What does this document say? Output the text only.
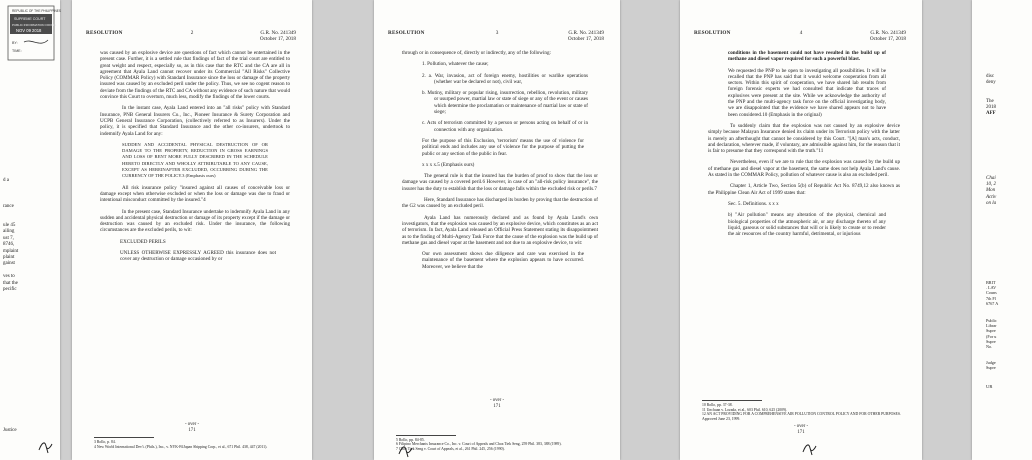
REPUBLIC OF THE PHILIPPINES
SUPREME COURT
PUBLIC INFORMATION OFFICE
NOV 09 2018
BY:
TIME:

d a

rance

ule 45
ailing
ust 7,
8746,
mplaint
plaint
gainst

ves to
that the
pecific

Justice
RESOLUTION	2	G.R. No. 241349
October 17, 2018

was caused by an explosive device are questions of fact which cannot be entertained in the present case. Further, it is a settled rule that findings of fact of the trial court are entitled to great weight and respect, especially so, as in this case that the RTC and the CA are all in agreement that Ayala Land cannot recover under its Commercial "All Risks" Collective Policy (COMMAR Policy) with Standard Insurance since the loss or damage of the property insured was caused by an excluded peril under the policy. Thus, we see no cogent reason to deviate from the findings of the RTC and CA without any evidence of such nature that would convince this Court to overturn, much less, modify the findings of the lower courts.

In the instant case, Ayala Land entered into an "all risks" policy with Standard Insurance, PNB General Insurers Co., Inc., Pioneer Insurance & Surety Corporation and UCPB General Insurance Corporation, (collectively referred to as Insurers). Under the policy, it is specified that Standard Insurance and the other co-insurers, undertook to indemnify Ayala Land for any:

SUDDEN AND ACCIDENTAL PHYSICAL DESTRUCTION OF OR DAMAGE TO THE PROPERTY, REDUCTION IN GROSS EARNINGS AND LOSS OF RENT MORE FULLY DESCRIBED IN THE SCHEDULE HERETO DIRECTLY AND WHOLLY ATTRIBUTABLE TO ANY CAUSE, EXCEPT AS HEREINAFTER EXCLUDED, OCCURRING DURING THE CURRENCY OF THE POLICY.3 (Emphasis ours)

All risk insurance policy "insured against all causes of conceivable loss or damage except when otherwise excluded or when the loss or damage was due to fraud or intentional misconduct committed by the insured."4

In the present case, Standard Insurance undertake to indemnify Ayala Land in any sudden and accidental physical destruction or damage of its property except if the damage or destruction was caused by an excluded risk. Under the insurance, the following circumstances are the excluded perils, to wit:

EXCLUDED PERILS

UNLESS OTHERWISE EXPRESSLY AGREED this insurance does not cover any destruction or damage occasioned by or

3 Rollo, p. 84.
4 New World International Dev't. (Phils.), Inc., v. NYK-FilJapan Shipping Corp., et al., 671 Phil. 438, 447 (2011).
- over -
171
RESOLUTION	3	G.R. No. 241349
October 17, 2018

through or in consequence of, directly or indirectly, any of the following:

1. Pollution, whatever the cause;

2. a. War, invasion, act of foreign enemy, hostilities or warlike operations (whether war be declared or not), civil war,

b. Mutiny, military or popular rising, insurrection, rebellion, revolution, military or usurped power, martial law or state of siege or any of the event or causes which determine the proclamation or maintenance of martial law or state of siege;

c. Acts of terrorism committed by a person or persons acting on behalf of or in connection with any organization.

For the purpose of this Exclusion, 'terrorism' means the use of violence for political ends and includes any use of violence for the purpose of putting the public or any section of the public in fear.

x x x x.5 (Emphasis ours)

The general rule is that the insured has the burden of proof to show that the loss or damage was caused by a covered peril.6 However, in case of an "all-risk policy insurance", the insurer has the duty to establish that the loss or damage falls within the excluded risk or perils.7

Here, Standard Insurance has discharged its burden by proving that the destruction of the G2 was caused by an excluded peril.

Ayala Land has numerously declared and as found by Ayala Land's own investigators, that the explosion was caused by an explosive device, which constitutes as an act of terrorism. In fact, Ayala Land released an Official Press Statement stating its disappointment as to the finding of Multi-Agency Task Force that the cause of the explosion was the build up of methane gas and diesel vapor at the basement and not due to an explosive device, to wit:

Our own assessment shows due diligence and care was exercised in the maintenance of the basement where the explosion appears to have occurred. Moreover, we believe that the

- over -
171
5 Rollo, pp. 84-85.
6 Filipino Merchants Insurance Co., Inc. v. Court of Appeals and Choa Tiek Seng, 259 Phil. 383, 388 (1989).
7 Choa Tiek Seng v. Court of Appeals, et al., 261 Phil. 245, 256 (1990).
RESOLUTION	4	G.R. No. 241349
October 17, 2018

conditions in the basement could not have resulted in the build up of methane and diesel vapor required for such a powerful blast.

We requested the PNP to be open to investigating all possibilities. It will be recalled that the PNP has said that it would welcome cooperation from all sectors. Within this spirit of cooperation, we have shared lab results from foreign forensic experts we had consulted that indicate that traces of explosives were present at the site. While we acknowledge the authority of the PNP and the multi-agency task force on the official investigating body, we are disappointed that the evidence we have shared appears not to have been considered.10 (Emphasis in the original)

To suddenly claim that the explosion was not caused by an explosive device simply because Malayan Insurance denied its claim under its Terrorism policy with the latter is merely an afterthought that cannot be considered by this Court. "[A] man's acts, conduct, and declaration, wherever made, if voluntary, are admissible against him, for the reason that it is fair to presume that they correspond with the truth."11

Nevertheless, even if we are to rule that the explosion was caused by the build up of methane gas and diesel vapor at the basement, the same does not help Ayala Land's cause. As stated in the COMMAR Policy, pollution of whatever cause is also an excluded peril.

Chapter 1, Article Two, Section 5(b) of Republic Act No. 8749,12 also known as the Philippine Clean Air Act of 1999 states that:

Sec. 5. Definitions. x x x

b) "Air pollution" means any alteration of the physical, chemical and biological properties of the atmospheric air, or any discharge thereto of any liquid, gaseous or solid substances that will or is likely to create or to render the air resources of the country harmful, detrimental, or injurious

10 Rollo, pp. 37-38.
11 Unchuan v. Lozada, et al., 603 Phil. 610, 625 (2009).
12 AN ACT PROVIDING FOR A COMPREHENSIVE AIR POLLUTION CONTROL POLICY AND FOR OTHER PURPOSES. Approved June 23, 1999.
- over -
171
disc
deny

The
2018
AFF
Chai
10, 2
Mon
Activ
on la
BRIT
. LAV
Couns
7th Fl
6767 A
Public
Librar
Supre
(For u
Supre
No.
Judge
Supre
UR
